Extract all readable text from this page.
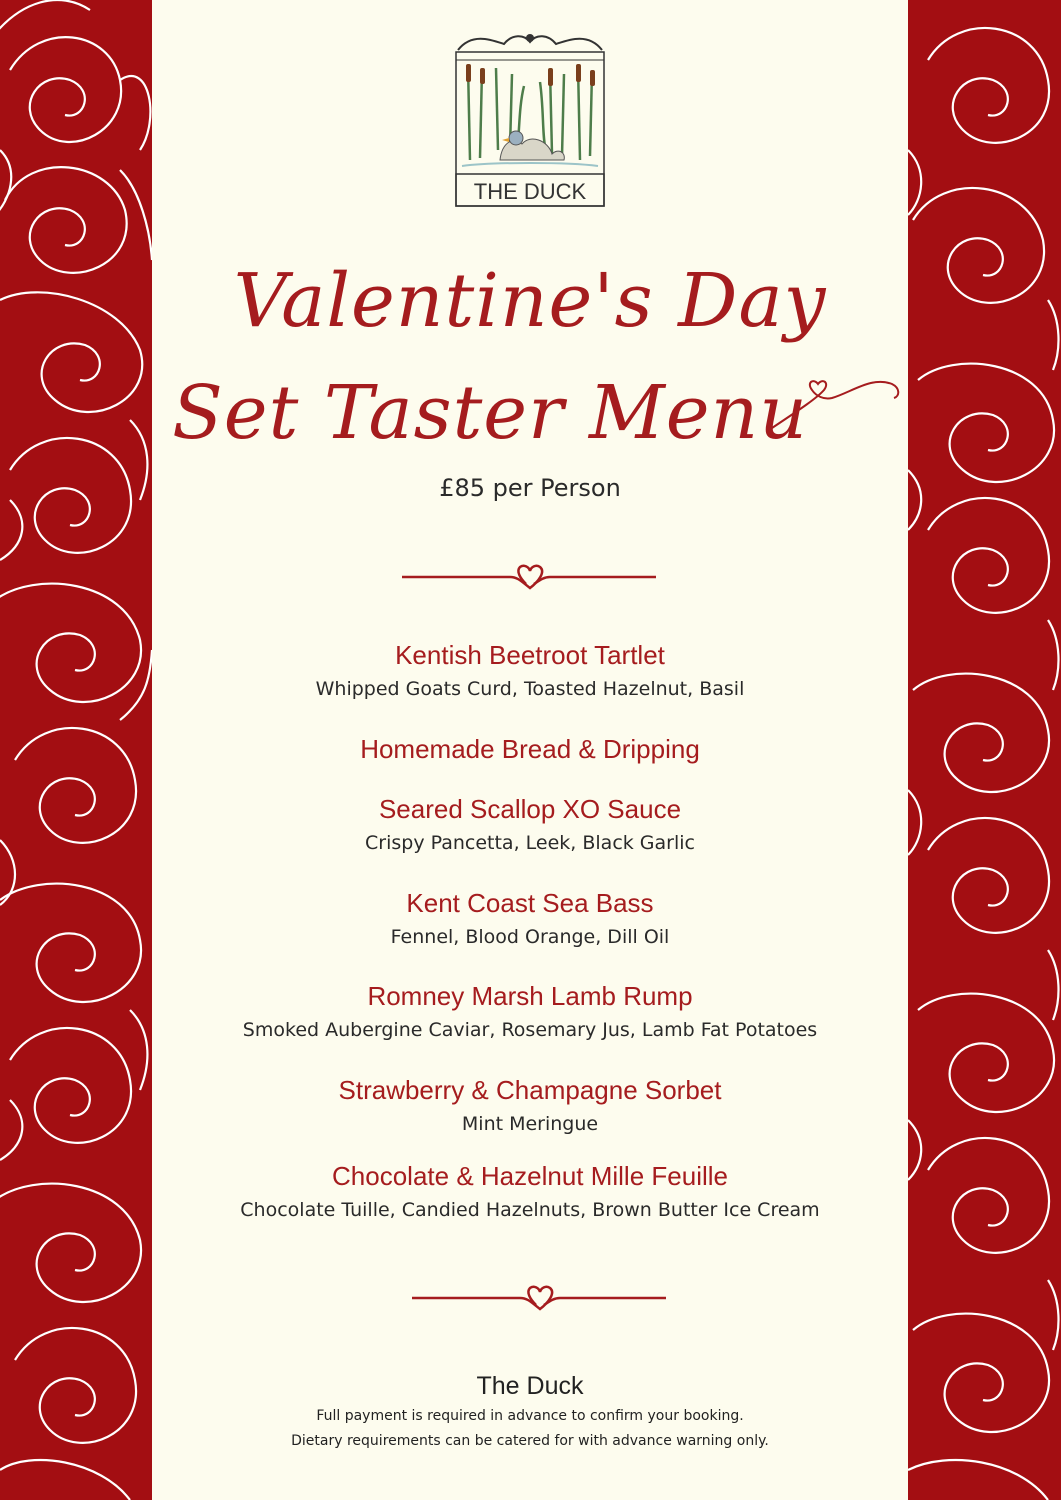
THE DUCK
Valentine's Day
Set Taster Menu
£85 per Person
Kentish Beetroot Tartlet
Whipped Goats Curd, Toasted Hazelnut, Basil
Homemade Bread & Dripping
Seared Scallop XO Sauce
Crispy Pancetta, Leek, Black Garlic
Kent Coast Sea Bass
Fennel, Blood Orange, Dill Oil
Romney Marsh Lamb Rump
Smoked Aubergine Caviar, Rosemary Jus, Lamb Fat Potatoes
Strawberry & Champagne Sorbet
Mint Meringue
Chocolate & Hazelnut Mille Feuille
Chocolate Tuille, Candied Hazelnuts, Brown Butter Ice Cream
The Duck
Full payment is required in advance to confirm your booking.
Dietary requirements can be catered for with advance warning only.
